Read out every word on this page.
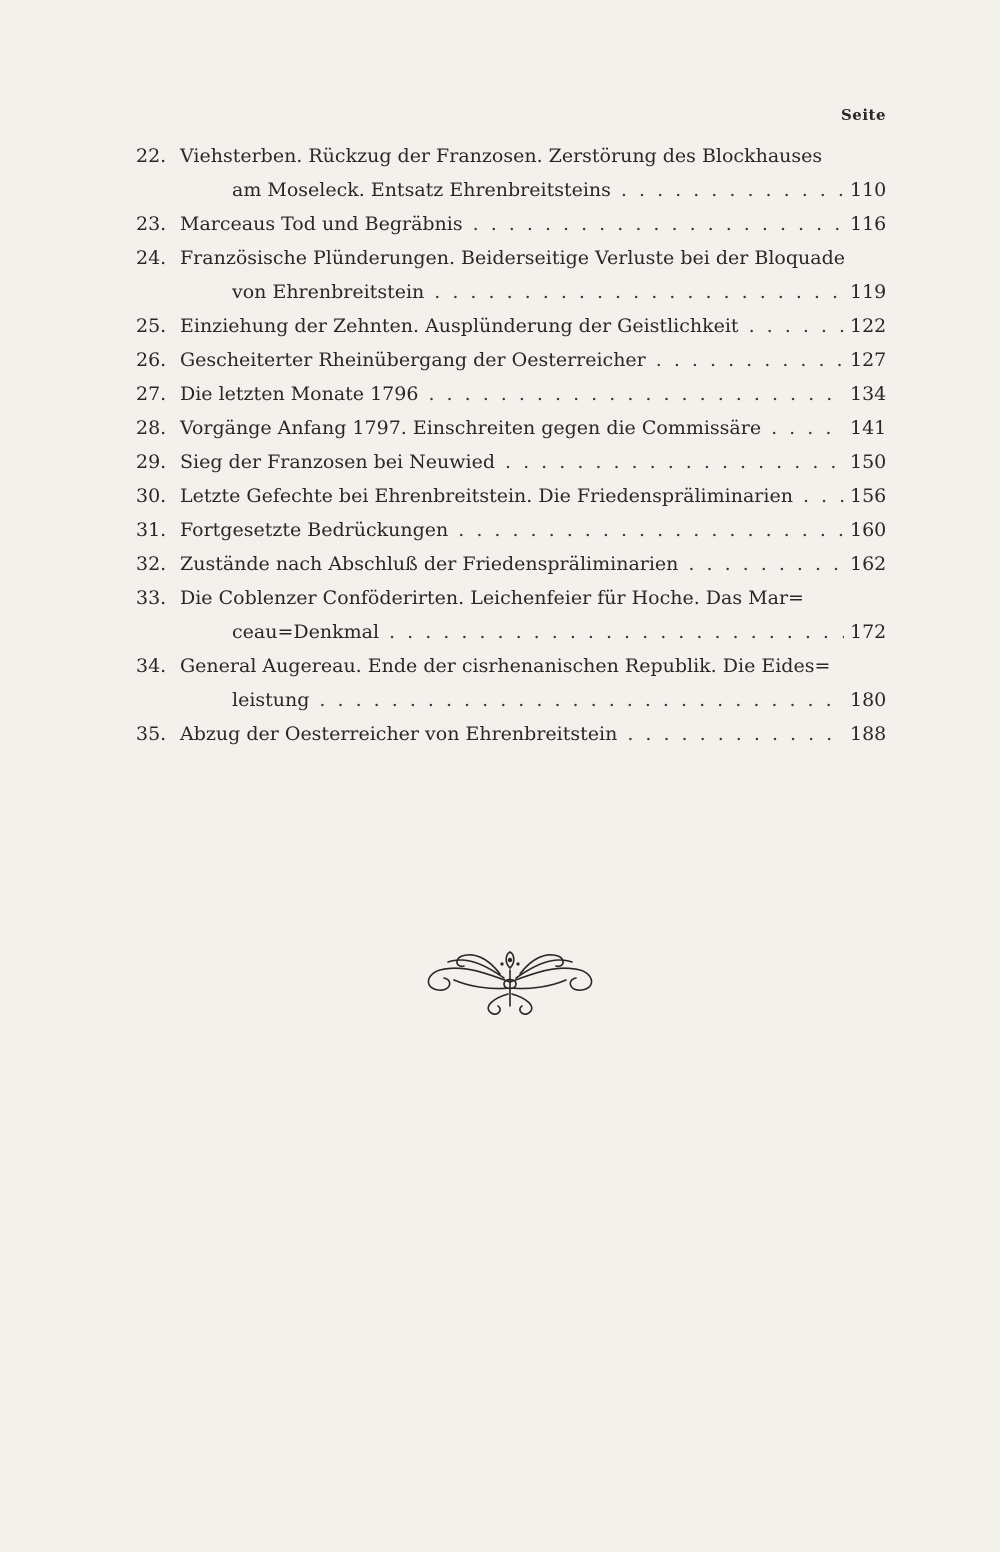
Seite
22. Viehsterben. Rückzug der Franzosen. Zerstörung des Blockhauses
am Moseleck. Entsatz Ehrenbreitsteins . . .	110
23. Marceaus Tod und Begräbnis . . .	116
24. Französische Plünderungen. Beiderseitige Verluste bei der Bloquade
von Ehrenbreitstein . . .	119
25. Einziehung der Zehnten. Ausplünderung der Geistlichkeit . . .	122
26. Gescheiterter Rheinübergang der Oesterreicher . . .	127
27. Die letzten Monate 1796 . . .	134
28. Vorgänge Anfang 1797. Einschreiten gegen die Commissäre . . .	141
29. Sieg der Franzosen bei Neuwied . . .	150
30. Letzte Gefechte bei Ehrenbreitstein. Die Friedenspräliminarien . . .	156
31. Fortgesetzte Bedrückungen . . .	160
32. Zustände nach Abschluß der Friedenspräliminarien . . .	162
33. Die Coblenzer Conföderirten. Leichenfeier für Hoche. Das Mar=
ceau=Denkmal . . .	172
34. General Augereau. Ende der cisrhenanischen Republik. Die Eides=
leistung . . .	180
35. Abzug der Oesterreicher von Ehrenbreitstein . . .	188
